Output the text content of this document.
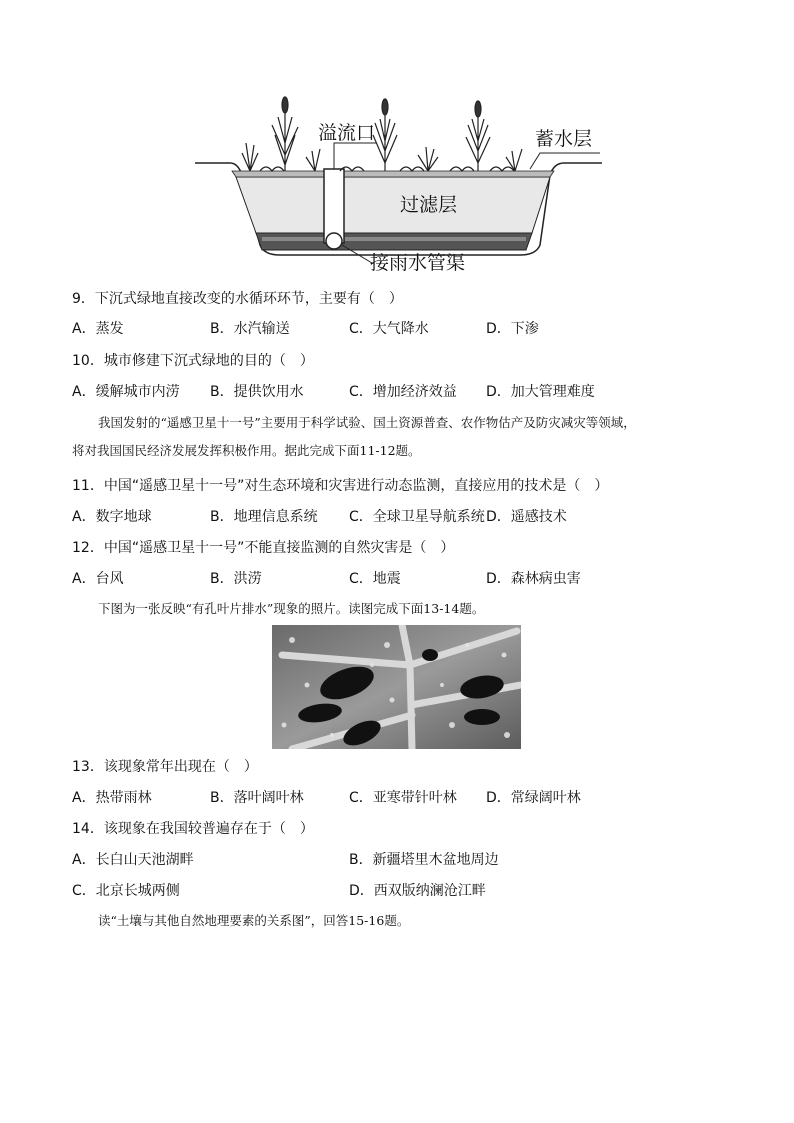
溢流口	蓄水层
过滤层
接雨水管渠
9．下沉式绿地直接改变的水循环环节，主要有（　）
A．蒸发	B．水汽输送	C．大气降水	D．下渗
10．城市修建下沉式绿地的目的（　）
A．缓解城市内涝 B．提供饮用水	C．增加经济效益 D．加大管理难度
我国发射的“遥感卫星十一号”主要用于科学试验、国土资源普查、农作物估产及防灾减灾等领域，
将对我国国民经济发展发挥积极作用。据此完成下面11-12题。
11．中国“遥感卫星十一号”对生态环境和灾害进行动态监测，直接应用的技术是（　）
A．数字地球	B．地理信息系统 C．全球卫星导航系统 D．遥感技术
12．中国“遥感卫星十一号”不能直接监测的自然灾害是（　）
A．台风	B．洪涝	C．地震	D．森林病虫害
下图为一张反映“有孔叶片排水”现象的照片。读图完成下面13-14题。
13．该现象常年出现在（　）
A．热带雨林	B．落叶阔叶林	C．亚寒带针叶林 D．常绿阔叶林
14．该现象在我国较普遍存在于（　）
A．长白山天池湖畔	B．新疆塔里木盆地周边
C．北京长城两侧	D．西双版纳澜沧江畔
读“土壤与其他自然地理要素的关系图”，回答15-16题。
